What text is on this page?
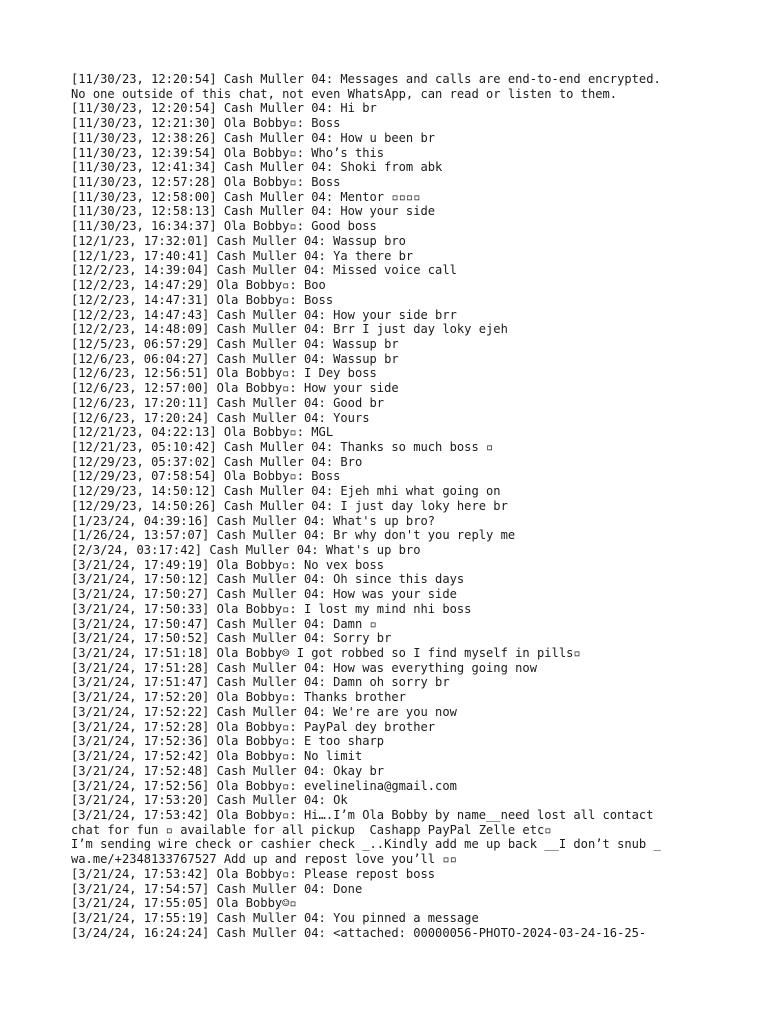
[11/30/23, 12:20:54] Cash Muller 04: Messages and calls are end-to-end encrypted.
No one outside of this chat, not even WhatsApp, can read or listen to them.
[11/30/23, 12:20:54] Cash Muller 04: Hi br
[11/30/23, 12:21:30] Ola Bobby▫: Boss
[11/30/23, 12:38:26] Cash Muller 04: How u been br
[11/30/23, 12:39:54] Ola Bobby▫: Who’s this
[11/30/23, 12:41:34] Cash Muller 04: Shoki from abk
[11/30/23, 12:57:28] Ola Bobby▫: Boss
[11/30/23, 12:58:00] Cash Muller 04: Mentor ▫▫▫▫
[11/30/23, 12:58:13] Cash Muller 04: How your side
[11/30/23, 16:34:37] Ola Bobby▫: Good boss
[12/1/23, 17:32:01] Cash Muller 04: Wassup bro
[12/1/23, 17:40:41] Cash Muller 04: Ya there br
[12/2/23, 14:39:04] Cash Muller 04: Missed voice call
[12/2/23, 14:47:29] Ola Bobby▫: Boo
[12/2/23, 14:47:31] Ola Bobby▫: Boss
[12/2/23, 14:47:43] Cash Muller 04: How your side brr
[12/2/23, 14:48:09] Cash Muller 04: Brr I just day loky ejeh
[12/5/23, 06:57:29] Cash Muller 04: Wassup br
[12/6/23, 06:04:27] Cash Muller 04: Wassup br
[12/6/23, 12:56:51] Ola Bobby▫: I Dey boss
[12/6/23, 12:57:00] Ola Bobby▫: How your side
[12/6/23, 17:20:11] Cash Muller 04: Good br
[12/6/23, 17:20:24] Cash Muller 04: Yours
[12/21/23, 04:22:13] Ola Bobby▫: MGL
[12/21/23, 05:10:42] Cash Muller 04: Thanks so much boss ▫
[12/29/23, 05:37:02] Cash Muller 04: Bro
[12/29/23, 07:58:54] Ola Bobby▫: Boss
[12/29/23, 14:50:12] Cash Muller 04: Ejeh mhi what going on
[12/29/23, 14:50:26] Cash Muller 04: I just day loky here br
[1/23/24, 04:39:16] Cash Muller 04: What's up bro?
[1/26/24, 13:57:07] Cash Muller 04: Br why don't you reply me
[2/3/24, 03:17:42] Cash Muller 04: What's up bro
[3/21/24, 17:49:19] Ola Bobby▫: No vex boss
[3/21/24, 17:50:12] Cash Muller 04: Oh since this days
[3/21/24, 17:50:27] Cash Muller 04: How was your side
[3/21/24, 17:50:33] Ola Bobby▫: I lost my mind nhi boss
[3/21/24, 17:50:47] Cash Muller 04: Damn ▫
[3/21/24, 17:50:52] Cash Muller 04: Sorry br
[3/21/24, 17:51:18] Ola Bobby☹ I got robbed so I find myself in pills▫
[3/21/24, 17:51:28] Cash Muller 04: How was everything going now
[3/21/24, 17:51:47] Cash Muller 04: Damn oh sorry br
[3/21/24, 17:52:20] Ola Bobby▫: Thanks brother
[3/21/24, 17:52:22] Cash Muller 04: We're are you now
[3/21/24, 17:52:28] Ola Bobby▫: PayPal dey brother
[3/21/24, 17:52:36] Ola Bobby▫: E too sharp
[3/21/24, 17:52:42] Ola Bobby▫: No limit
[3/21/24, 17:52:48] Cash Muller 04: Okay br
[3/21/24, 17:52:56] Ola Bobby▫: evelinelina@gmail.com
[3/21/24, 17:53:20] Cash Muller 04: Ok
[3/21/24, 17:53:42] Ola Bobby▫: Hi….I’m Ola Bobby by name__need lost all contact
chat for fun ▫ available for all pickup  Cashapp PayPal Zelle etc▫
I’m sending wire check or cashier check _..Kindly add me up back __I don’t snub _
wa.me/+2348133767527 Add up and repost love you’ll ▫▫
[3/21/24, 17:53:42] Ola Bobby▫: Please repost boss
[3/21/24, 17:54:57] Cash Muller 04: Done
[3/21/24, 17:55:05] Ola Bobby☺▫
[3/21/24, 17:55:19] Cash Muller 04: You pinned a message
[3/24/24, 16:24:24] Cash Muller 04: <attached: 00000056-PHOTO-2024-03-24-16-25-
